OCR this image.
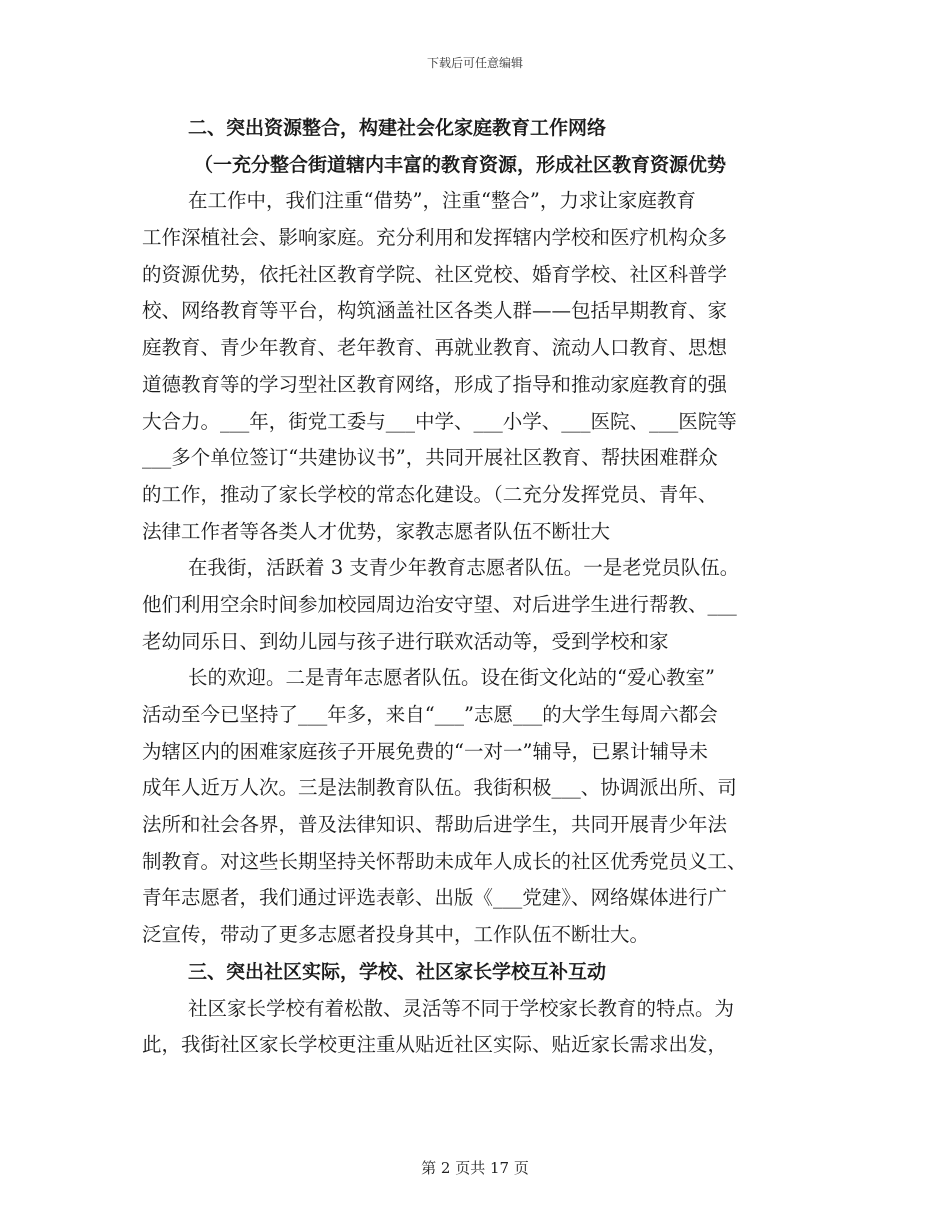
下载后可任意编辑
二、突出资源整合，构建社会化家庭教育工作网络
（一充分整合街道辖内丰富的教育资源，形成社区教育资源优势
在工作中，我们注重“借势”，注重“整合”，力求让家庭教育
工作深植社会、影响家庭。充分利用和发挥辖内学校和医疗机构众多
的资源优势，依托社区教育学院、社区党校、婚育学校、社区科普学
校、网络教育等平台，构筑涵盖社区各类人群——包括早期教育、家
庭教育、青少年教育、老年教育、再就业教育、流动人口教育、思想
道德教育等的学习型社区教育网络，形成了指导和推动家庭教育的强
大合力。___年，街党工委与___中学、___小学、___医院、___医院等
___多个单位签订“共建协议书”，共同开展社区教育、帮扶困难群众
的工作，推动了家长学校的常态化建设。（二充分发挥党员、青年、
法律工作者等各类人才优势，家教志愿者队伍不断壮大
在我街，活跃着 3 支青少年教育志愿者队伍。一是老党员队伍。
他们利用空余时间参加校园周边治安守望、对后进学生进行帮教、___
老幼同乐日、到幼儿园与孩子进行联欢活动等，受到学校和家
长的欢迎。二是青年志愿者队伍。设在街文化站的“爱心教室”
活动至今已坚持了___年多，来自“___”志愿___的大学生每周六都会
为辖区内的困难家庭孩子开展免费的“一对一”辅导，已累计辅导未
成年人近万人次。三是法制教育队伍。我街积极___、协调派出所、司
法所和社会各界，普及法律知识、帮助后进学生，共同开展青少年法
制教育。对这些长期坚持关怀帮助未成年人成长的社区优秀党员义工、
青年志愿者，我们通过评选表彰、出版《___党建》、网络媒体进行广
泛宣传，带动了更多志愿者投身其中，工作队伍不断壮大。
三、突出社区实际，学校、社区家长学校互补互动
社区家长学校有着松散、灵活等不同于学校家长教育的特点。为
此，我街社区家长学校更注重从贴近社区实际、贴近家长需求出发，
第 2 页共 17 页
